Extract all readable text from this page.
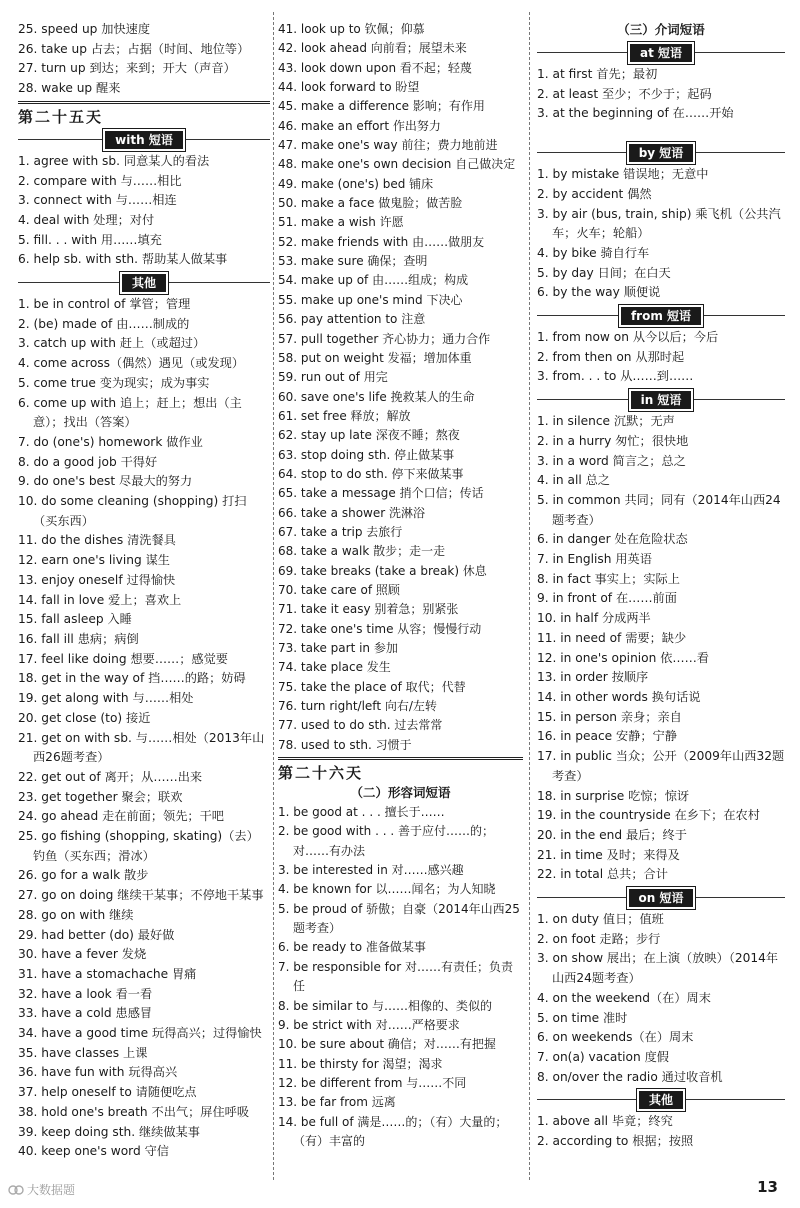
25. speed up 加快速度
26. take up 占去；占据（时间、地位等）
27. turn up 到达；来到；开大（声音）
28. wake up 醒来
第二十五天
with 短语
1. agree with sb. 同意某人的看法
2. compare with 与……相比
3. connect with 与……相连
4. deal with 处理；对付
5. fill. . . with 用……填充
6. help sb. with sth. 帮助某人做某事
其他
1. be in control of 掌管；管理
2. (be) made of 由……制成的
3. catch up with 赶上（或超过）
4. come across（偶然）遇见（或发现）
5. come true 变为现实；成为事实
6. come up with 追上；赶上；想出（主意）；找出（答案）
7. do (one's) homework 做作业
8. do a good job 干得好
9. do one's best 尽最大的努力
10. do some cleaning (shopping) 打扫（买东西）
11. do the dishes 清洗餐具
12. earn one's living 谋生
13. enjoy oneself 过得愉快
14. fall in love 爱上；喜欢上
15. fall asleep 入睡
16. fall ill 患病；病倒
17. feel like doing 想要……；感觉要
18. get in the way of 挡……的路；妨碍
19. get along with 与……相处
20. get close (to) 接近
21. get on with sb. 与……相处（2013年山西26题考查）
22. get out of 离开；从……出来
23. get together 聚会；联欢
24. go ahead 走在前面；领先；干吧
25. go fishing (shopping, skating)（去）钓鱼（买东西；滑冰）
26. go for a walk 散步
27. go on doing 继续干某事；不停地干某事
28. go on with 继续
29. had better (do) 最好做
30. have a fever 发烧
31. have a stomachache 胃痛
32. have a look 看一看
33. have a cold 患感冒
34. have a good time 玩得高兴；过得愉快
35. have classes 上课
36. have fun with 玩得高兴
37. help oneself to 请随便吃点
38. hold one's breath 不出气；屏住呼吸
39. keep doing sth. 继续做某事
40. keep one's word 守信
41. look up to 钦佩；仰慕
42. look ahead 向前看；展望未来
43. look down upon 看不起；轻蔑
44. look forward to 盼望
45. make a difference 影响；有作用
46. make an effort 作出努力
47. make one's way 前往；费力地前进
48. make one's own decision 自己做决定
49. make (one's) bed 铺床
50. make a face 做鬼脸；做苦脸
51. make a wish 许愿
52. make friends with 由……做朋友
53. make sure 确保；查明
54. make up of 由……组成；构成
55. make up one's mind 下决心
56. pay attention to 注意
57. pull together 齐心协力；通力合作
58. put on weight 发福；增加体重
59. run out of 用完
60. save one's life 挽救某人的生命
61. set free 释放；解放
62. stay up late 深夜不睡；熬夜
63. stop doing sth. 停止做某事
64. stop to do sth. 停下来做某事
65. take a message 捎个口信；传话
66. take a shower 洗淋浴
67. take a trip 去旅行
68. take a walk 散步；走一走
69. take breaks (take a break) 休息
70. take care of 照顾
71. take it easy 别着急；别紧张
72. take one's time 从容；慢慢行动
73. take part in 参加
74. take place 发生
75. take the place of 取代；代替
76. turn right/left 向右/左转
77. used to do sth. 过去常常
78. used to sth. 习惯于
第二十六天
（二）形容词短语
1. be good at . . . 擅长于……
2. be good with . . . 善于应付……的；对……有办法
3. be interested in 对……感兴趣
4. be known for 以……闻名；为人知晓
5. be proud of 骄傲；自豪（2014年山西25题考查）
6. be ready to 准备做某事
7. be responsible for 对……有责任；负责任
8. be similar to 与……相像的、类似的
9. be strict with 对……严格要求
10. be sure about 确信；对……有把握
11. be thirsty for 渴望；渴求
12. be different from 与……不同
13. be far from 远离
14. be full of 满是……的；（有）大量的；（有）丰富的
（三）介词短语
at 短语
1. at first 首先；最初
2. at least 至少；不少于；起码
3. at the beginning of 在……开始
by 短语
1. by mistake 错误地；无意中
2. by accident 偶然
3. by air (bus, train, ship) 乘飞机（公共汽车；火车；轮船）
4. by bike 骑自行车
5. by day 日间；在白天
6. by the way 顺便说
from 短语
1. from now on 从今以后；今后
2. from then on 从那时起
3. from. . . to 从……到……
in 短语
1. in silence 沉默；无声
2. in a hurry 匆忙；很快地
3. in a word 简言之；总之
4. in all 总之
5. in common 共同；同有（2014年山西24题考查）
6. in danger 处在危险状态
7. in English 用英语
8. in fact 事实上；实际上
9. in front of 在……前面
10. in half 分成两半
11. in need of 需要；缺少
12. in one's opinion 依……看
13. in order 按顺序
14. in other words 换句话说
15. in person 亲身；亲自
16. in peace 安静；宁静
17. in public 当众；公开（2009年山西32题考查）
18. in surprise 吃惊；惊讶
19. in the countryside 在乡下；在农村
20. in the end 最后；终于
21. in time 及时；来得及
22. in total 总共；合计
on 短语
1. on duty 值日；值班
2. on foot 走路；步行
3. on show 展出；在上演（放映）（2014年山西24题考查）
4. on the weekend（在）周末
5. on time 准时
6. on weekends（在）周末
7. on(a) vacation 度假
8. on/over the radio 通过收音机
其他
1. above all 毕竟；终究
2. according to 根据；按照
大数据题	13
